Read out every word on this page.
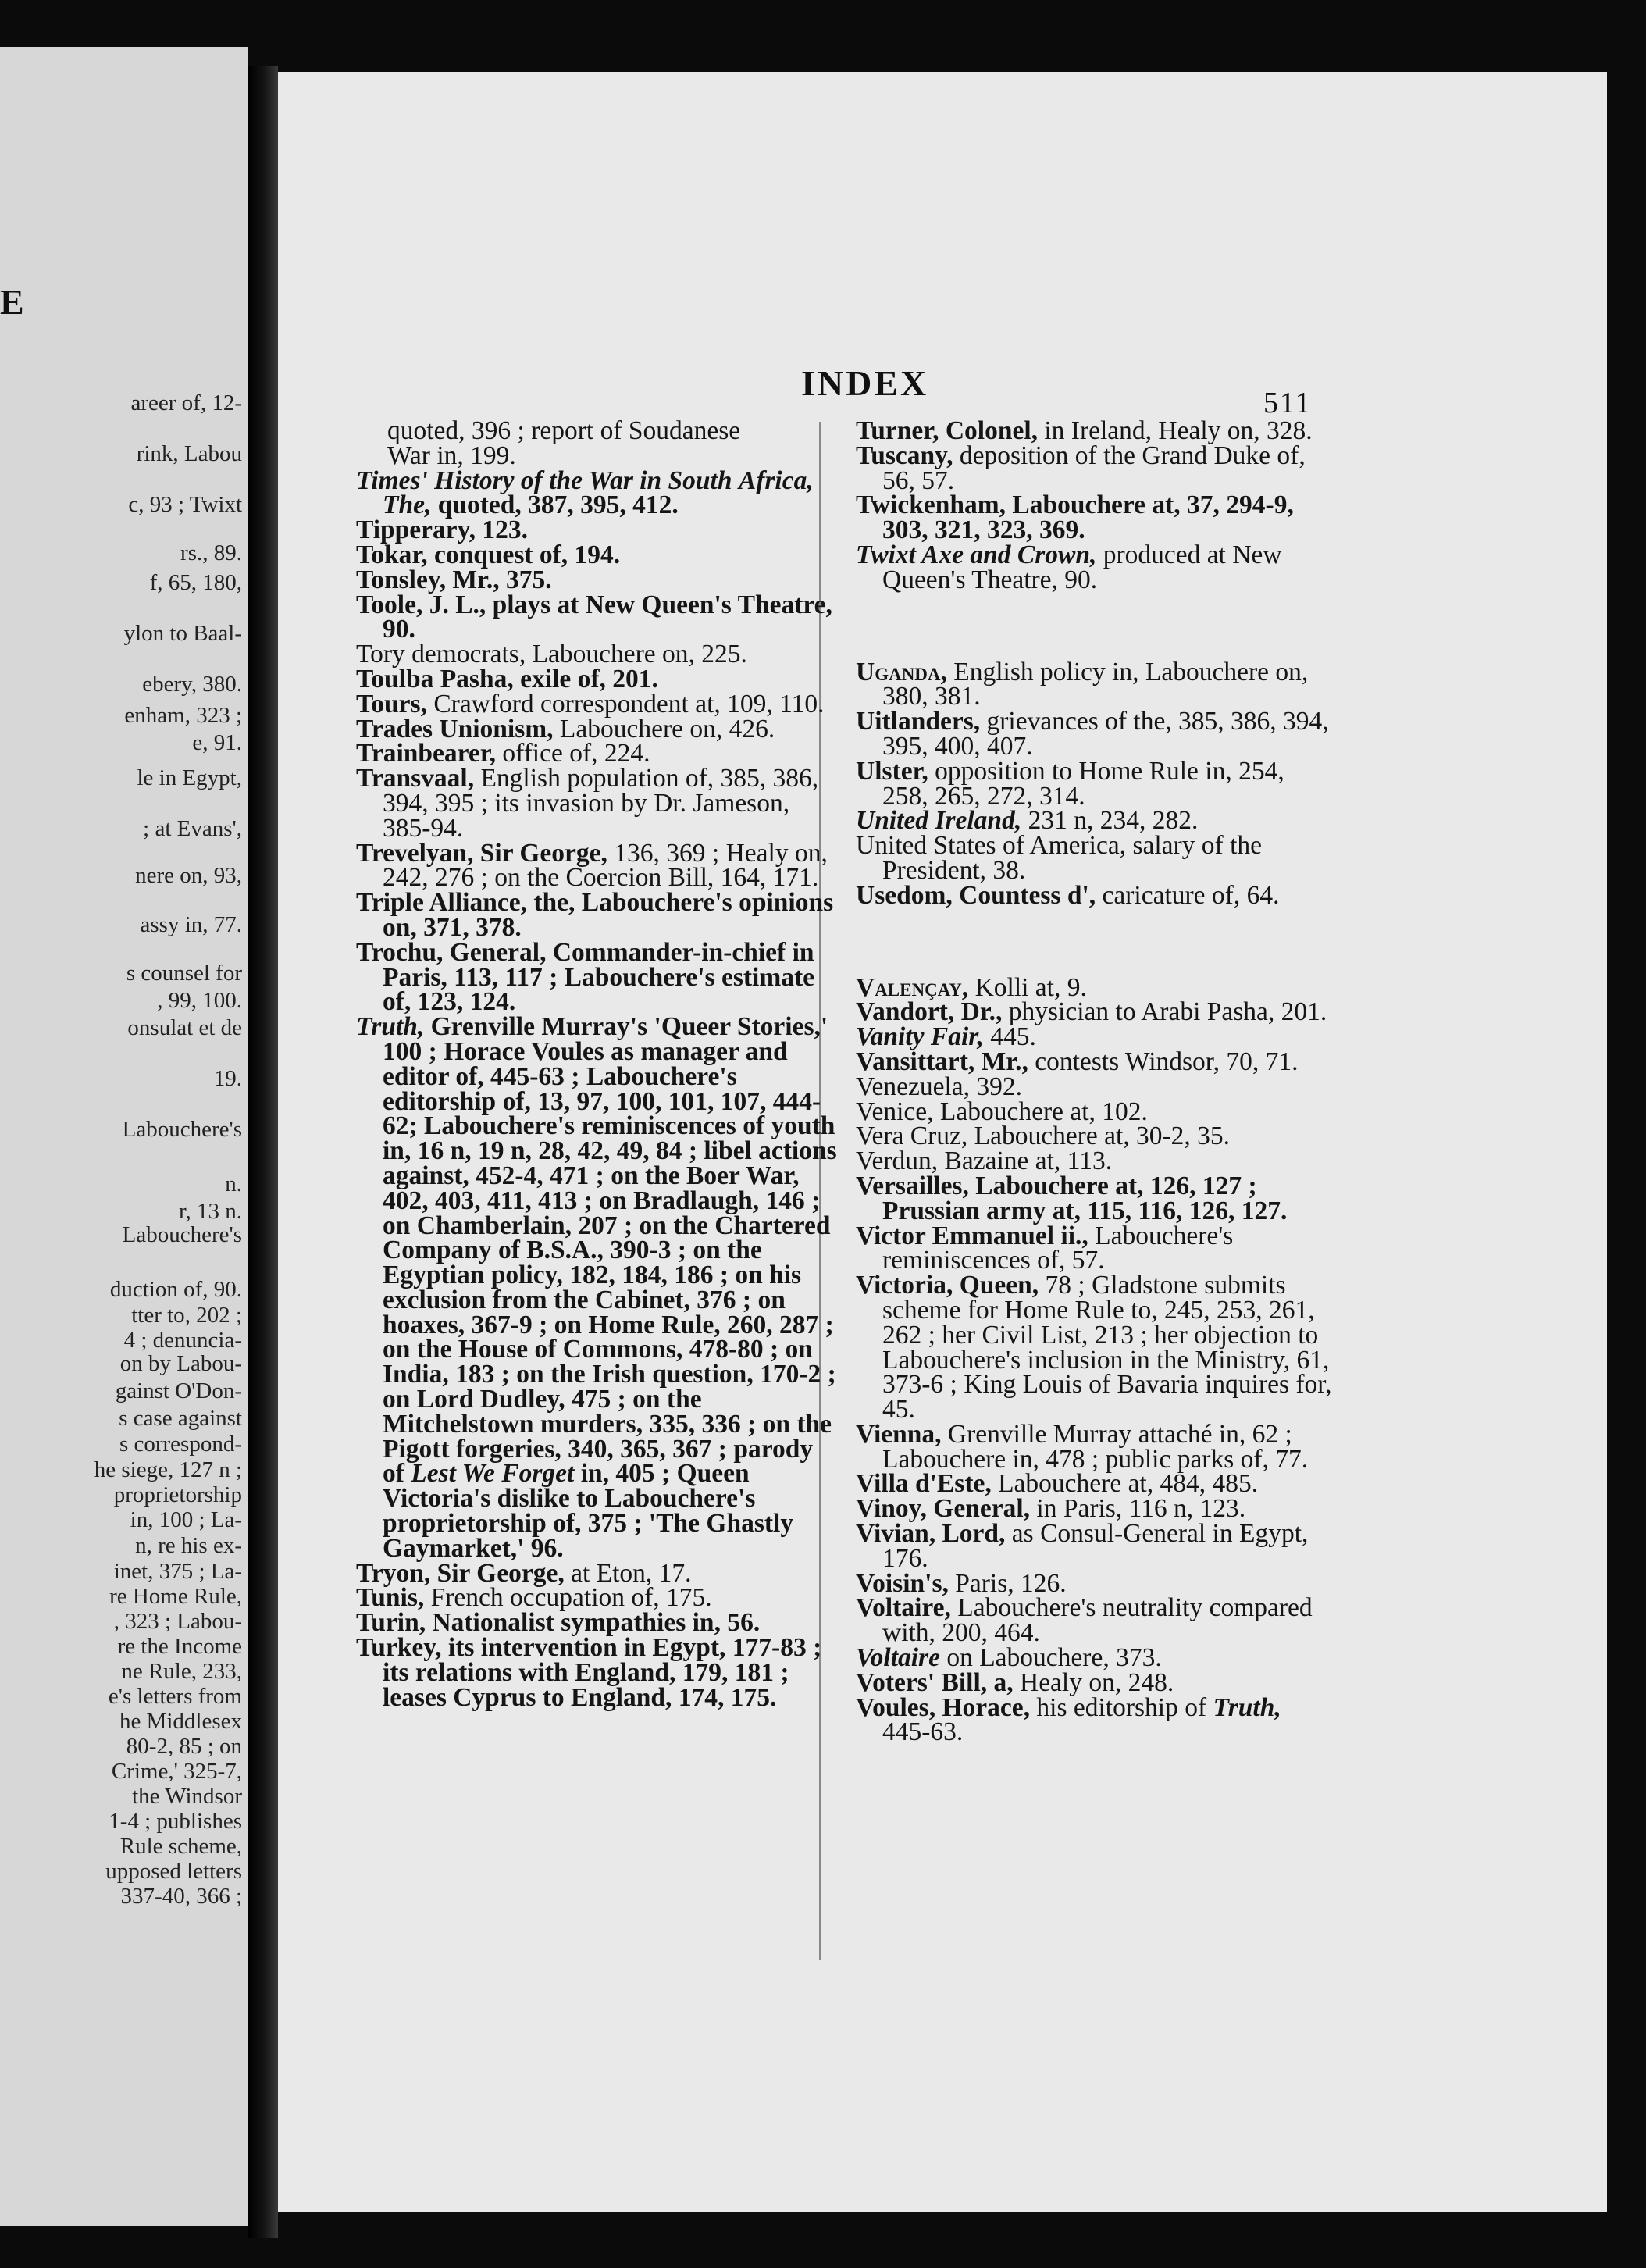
E
areer of, 12-
rink, Labou
c, 93 ; Twixt
rs., 89.
f, 65, 180,
ylon to Baal-
ebery, 380.
enham, 323 ;
e, 91.
le in Egypt,
; at Evans',
nere on, 93,
assy in, 77.
s counsel for
, 99, 100.
onsulat et de
19.
Labouchere's
n.
r, 13 n.
Labouchere's
duction of, 90.
tter to, 202 ;
4 ; denuncia-
on by Labou-
gainst O'Don-
s case against
s correspond-
he siege, 127 n ;
proprietorship
in, 100 ; La-
n, re his ex-
inet, 375 ; La-
re Home Rule,
, 323 ; Labou-
re the Income
ne Rule, 233,
e's letters from
he Middlesex
80-2, 85 ; on
Crime,' 325-7,
the Windsor
1-4 ; publishes
Rule scheme,
upposed letters
337-40, 366 ;
INDEX	511
quoted, 396 ; report of Soudanese
War in, 199.
Times' History of the War in South Africa, The, quoted, 387, 395, 412.
Tipperary, 123.
Tokar, conquest of, 194.
Tonsley, Mr., 375.
Toole, J. L., plays at New Queen's Theatre, 90.
Tory democrats, Labouchere on, 225.
Toulba Pasha, exile of, 201.
Tours, Crawford correspondent at, 109, 110.
Trades Unionism, Labouchere on, 426.
Trainbearer, office of, 224.
Transvaal, English population of, 385, 386, 394, 395 ; its invasion by Dr. Jameson, 385-94.
Trevelyan, Sir George, 136, 369 ; Healy on, 242, 276 ; on the Coercion Bill, 164, 171.
Triple Alliance, the, Labouchere's opinions on, 371, 378.
Trochu, General, Commander-in-chief in Paris, 113, 117 ; Labouchere's estimate of, 123, 124.
Truth, Grenville Murray's 'Queer Stories,' 100 ; Horace Voules as manager and editor of, 445-63 ; Labouchere's editorship of, 13, 97, 100, 101, 107, 444-62; Labouchere's reminiscences of youth in, 16 n, 19 n, 28, 42, 49, 84 ; libel actions against, 452-4, 471 ; on the Boer War, 402, 403, 411, 413 ; on Bradlaugh, 146 ; on Chamberlain, 207 ; on the Chartered Company of B.S.A., 390-3 ; on the Egyptian policy, 182, 184, 186 ; on his exclusion from the Cabinet, 376 ; on hoaxes, 367-9 ; on Home Rule, 260, 287 ; on the House of Commons, 478-80 ; on India, 183 ; on the Irish question, 170-2 ; on Lord Dudley, 475 ; on the Mitchelstown murders, 335, 336 ; on the Pigott forgeries, 340, 365, 367 ; parody of Lest We Forget in, 405 ; Queen Victoria's dislike to Labouchere's proprietorship of, 375 ; 'The Ghastly Gaymarket,' 96.
Tryon, Sir George, at Eton, 17.
Tunis, French occupation of, 175.
Turin, Nationalist sympathies in, 56.
Turkey, its intervention in Egypt, 177-83 ; its relations with England, 179, 181 ; leases Cyprus to England, 174, 175.
Turner, Colonel, in Ireland, Healy on, 328.
Tuscany, deposition of the Grand Duke of, 56, 57.
Twickenham, Labouchere at, 37, 294-9, 303, 321, 323, 369.
Twixt Axe and Crown, produced at New Queen's Theatre, 90.
Uganda, English policy in, Labouchere on, 380, 381.
Uitlanders, grievances of the, 385, 386, 394, 395, 400, 407.
Ulster, opposition to Home Rule in, 254, 258, 265, 272, 314.
United Ireland, 231 n, 234, 282.
United States of America, salary of the President, 38.
Usedom, Countess d', caricature of, 64.
Valençay, Kolli at, 9.
Vandort, Dr., physician to Arabi Pasha, 201.
Vanity Fair, 445.
Vansittart, Mr., contests Windsor, 70, 71.
Venezuela, 392.
Venice, Labouchere at, 102.
Vera Cruz, Labouchere at, 30-2, 35.
Verdun, Bazaine at, 113.
Versailles, Labouchere at, 126, 127 ; Prussian army at, 115, 116, 126, 127.
Victor Emmanuel ii., Labouchere's reminiscences of, 57.
Victoria, Queen, 78 ; Gladstone submits scheme for Home Rule to, 245, 253, 261, 262 ; her Civil List, 213 ; her objection to Labouchere's inclusion in the Ministry, 61, 373-6 ; King Louis of Bavaria inquires for, 45.
Vienna, Grenville Murray attaché in, 62 ; Labouchere in, 478 ; public parks of, 77.
Villa d'Este, Labouchere at, 484, 485.
Vinoy, General, in Paris, 116 n, 123.
Vivian, Lord, as Consul-General in Egypt, 176.
Voisin's, Paris, 126.
Voltaire, Labouchere's neutrality compared with, 200, 464.
Voltaire on Labouchere, 373.
Voters' Bill, a, Healy on, 248.
Voules, Horace, his editorship of Truth, 445-63.
